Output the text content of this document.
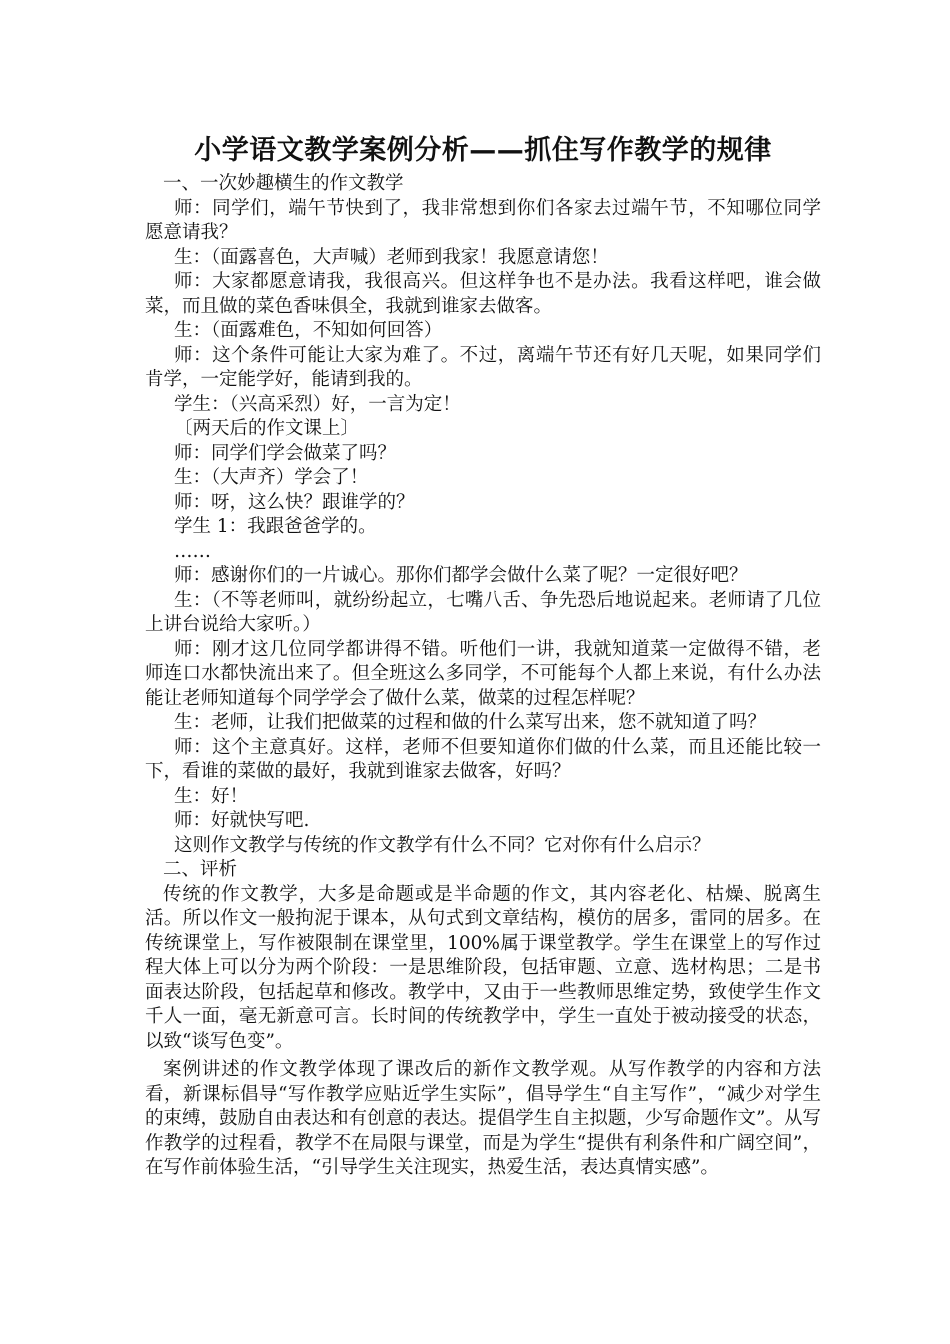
小学语文教学案例分析——抓住写作教学的规律

一、一次妙趣横生的作文教学

师：同学们，端午节快到了，我非常想到你们各家去过端午节，不知哪位同学愿意请我？

生：（面露喜色，大声喊）老师到我家！我愿意请您！

师：大家都愿意请我，我很高兴。但这样争也不是办法。我看这样吧，谁会做菜，而且做的菜色香味俱全，我就到谁家去做客。

生：（面露难色，不知如何回答）

师：这个条件可能让大家为难了。不过，离端午节还有好几天呢，如果同学们肯学，一定能学好，能请到我的。

学生：（兴高采烈）好，一言为定！

〔两天后的作文课上〕

师：同学们学会做菜了吗？

生：（大声齐）学会了！

师：呀，这么快？跟谁学的？

学生 1：我跟爸爸学的。

……

师：感谢你们的一片诚心。那你们都学会做什么菜了呢？一定很好吧？

生：（不等老师叫，就纷纷起立，七嘴八舌、争先恐后地说起来。老师请了几位上讲台说给大家听。）

师：刚才这几位同学都讲得不错。听他们一讲，我就知道菜一定做得不错，老师连口水都快流出来了。但全班这么多同学，不可能每个人都上来说，有什么办法能让老师知道每个同学学会了做什么菜，做菜的过程怎样呢？

生：老师，让我们把做菜的过程和做的什么菜写出来，您不就知道了吗？

师：这个主意真好。这样，老师不但要知道你们做的什么菜，而且还能比较一下，看谁的菜做的最好，我就到谁家去做客，好吗？

生：好！

师：好就快写吧.

这则作文教学与传统的作文教学有什么不同？它对你有什么启示？

二、评析

传统的作文教学，大多是命题或是半命题的作文，其内容老化、枯燥、脱离生活。所以作文一般拘泥于课本，从句式到文章结构，模仿的居多，雷同的居多。在传统课堂上，写作被限制在课堂里，100%属于课堂教学。学生在课堂上的写作过程大体上可以分为两个阶段：一是思维阶段，包括审题、立意、选材构思；二是书面表达阶段，包括起草和修改。教学中，又由于一些教师思维定势，致使学生作文千人一面，毫无新意可言。长时间的传统教学中，学生一直处于被动接受的状态，以致“谈写色变”。

案例讲述的作文教学体现了课改后的新作文教学观。从写作教学的内容和方法看，新课标倡导“写作教学应贴近学生实际”，倡导学生“自主写作”，“减少对学生的束缚，鼓励自由表达和有创意的表达。提倡学生自主拟题，少写命题作文”。从写作教学的过程看，教学不在局限与课堂，而是为学生“提供有利条件和广阔空间”，在写作前体验生活，“引导学生关注现实，热爱生活，表达真情实感”。
